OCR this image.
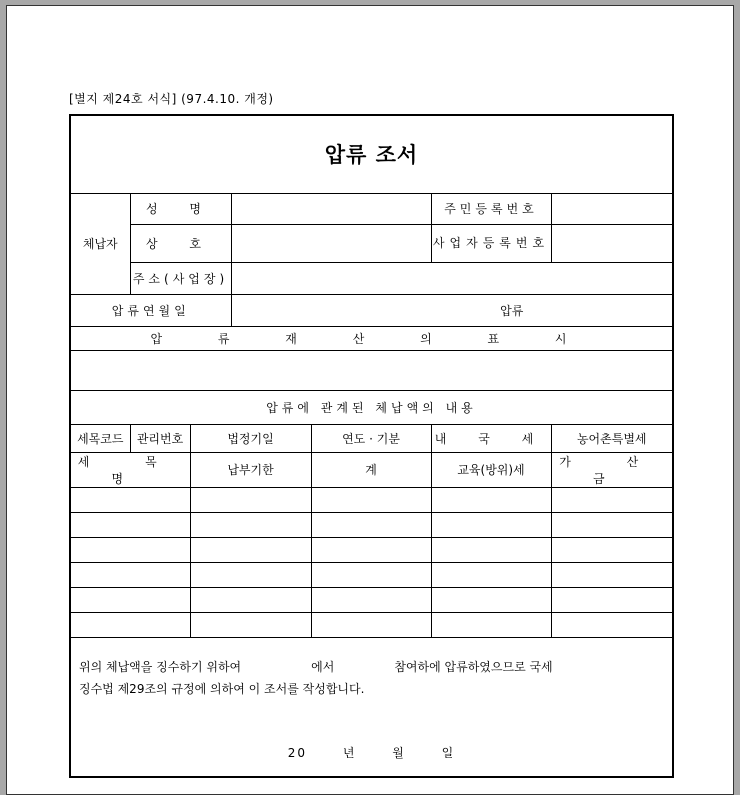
[별지 제24호 서식] (97.4.10. 개정)
압류 조서						
체납자	성 명				주민등록번호	
	상 호				사업자등록번호	
	주소(사업장)					
압류연월일			압류			
압 류 재 산 의 표 시						

압류에 관계된 체납액의 내용						
세목코드	관리번호	법정기일		연도 · 기분	내 국 세	농어촌특별세
세 목 명		납부기한		계	교육(방위)세	가 산 금

위의 체납액을 징수하기 위하여 에서 참여하에 압류하였으므로 국세
징수법 제29조의 규정에 의하여 이 조서를 작성합니다.
20 년 월 일						
